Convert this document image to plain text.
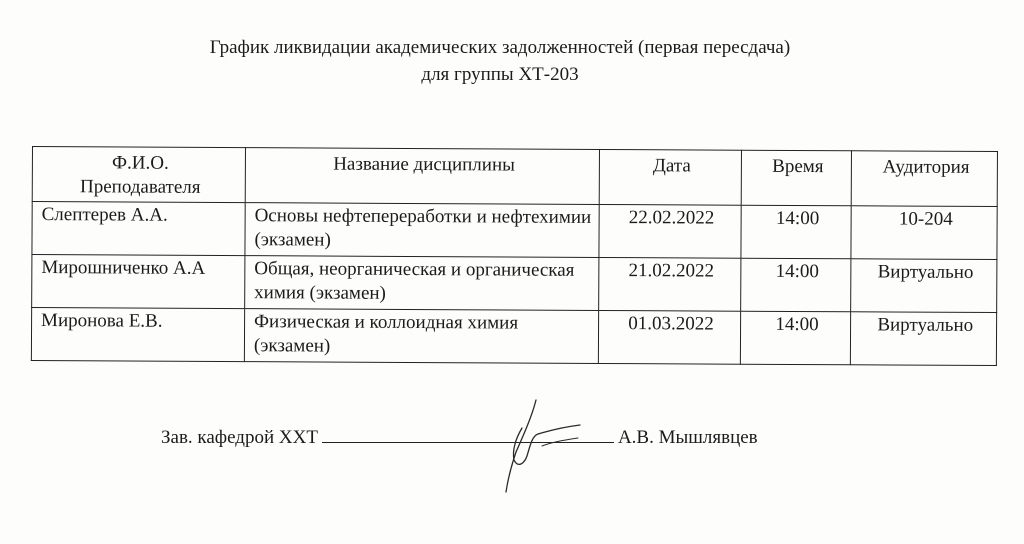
График ликвидации академических задолженностей (первая пересдача)
для группы ХТ-203
Ф.И.О.
Преподавателя	Название дисциплины	Дата	Время	Аудитория
Слептерев А.А.	Основы нефтепереработки и нефтехимии (экзамен)	22.02.2022	14:00	10-204
Мирошниченко А.А	Общая, неорганическая и органическая химия (экзамен)	21.02.2022	14:00	Виртуально
Миронова Е.В.	Физическая и коллоидная химия (экзамен)	01.03.2022	14:00	Виртуально
Зав. кафедрой ХХТ	А.В. Мышлявцев
